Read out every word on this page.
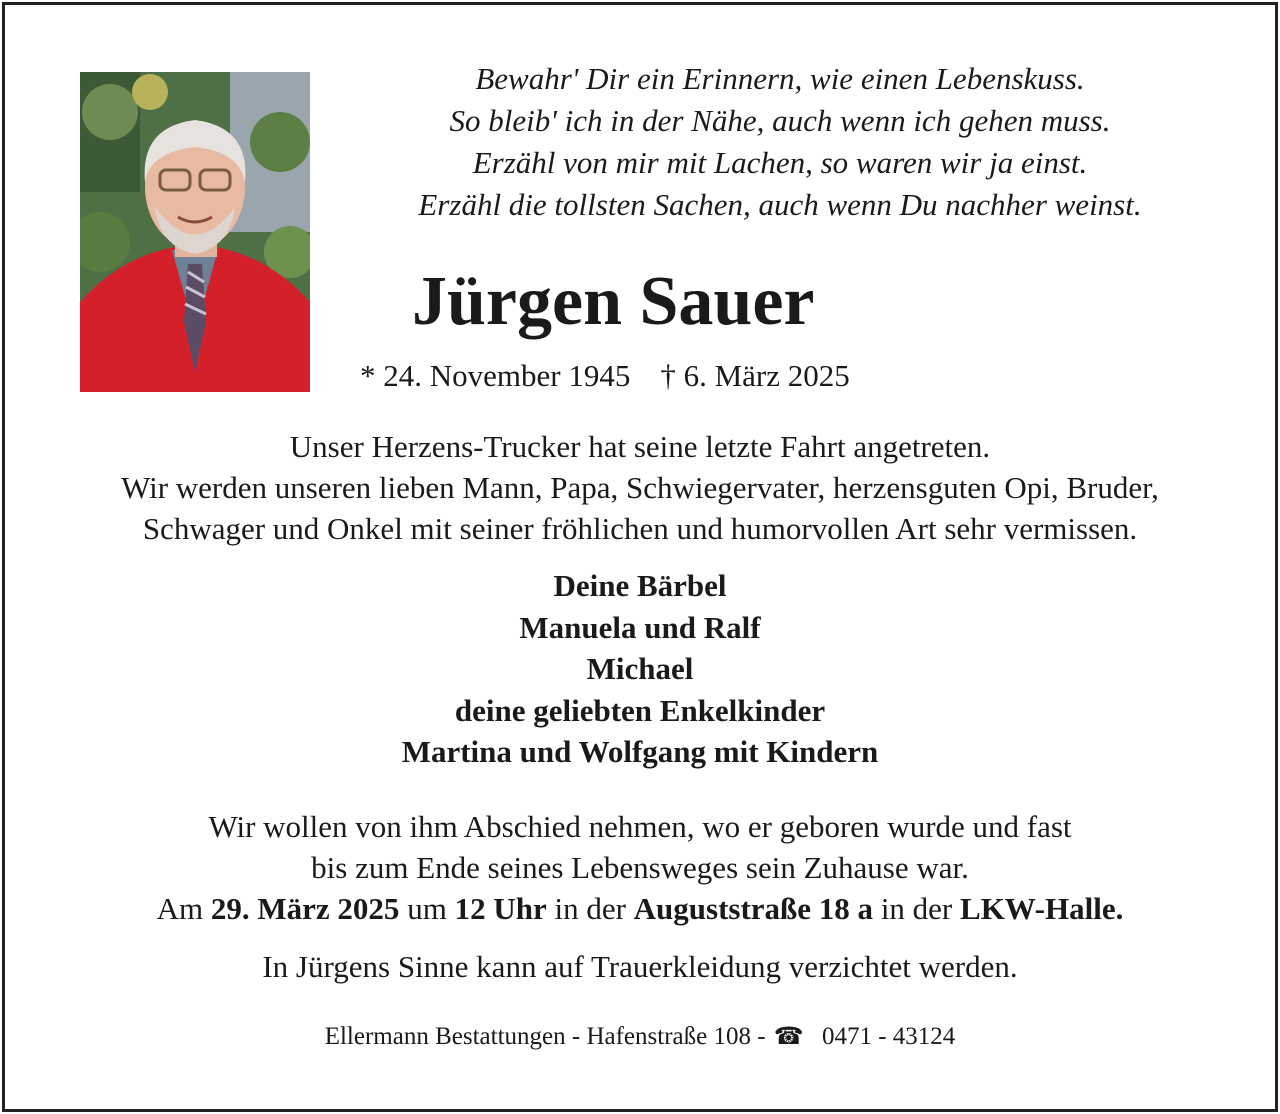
Bewahr' Dir ein Erinnern, wie einen Lebenskuss.
So bleib' ich in der Nähe, auch wenn ich gehen muss.
Erzähl von mir mit Lachen, so waren wir ja einst.
Erzähl die tollsten Sachen, auch wenn Du nachher weinst.
Jürgen Sauer
* 24. November 1945 † 6. März 2025
Unser Herzens-Trucker hat seine letzte Fahrt angetreten.
Wir werden unseren lieben Mann, Papa, Schwiegervater, herzensguten Opi, Bruder,
Schwager und Onkel mit seiner fröhlichen und humorvollen Art sehr vermissen.
Deine Bärbel
Manuela und Ralf
Michael
deine geliebten Enkelkinder
Martina und Wolfgang mit Kindern
Wir wollen von ihm Abschied nehmen, wo er geboren wurde und fast
bis zum Ende seines Lebensweges sein Zuhause war.
Am 29. März 2025 um 12 Uhr in der Auguststraße 18 a in der LKW-Halle.
In Jürgens Sinne kann auf Trauerkleidung verzichtet werden.
Ellermann Bestattungen - Hafenstraße 108 - ☎ 0471 - 43124
